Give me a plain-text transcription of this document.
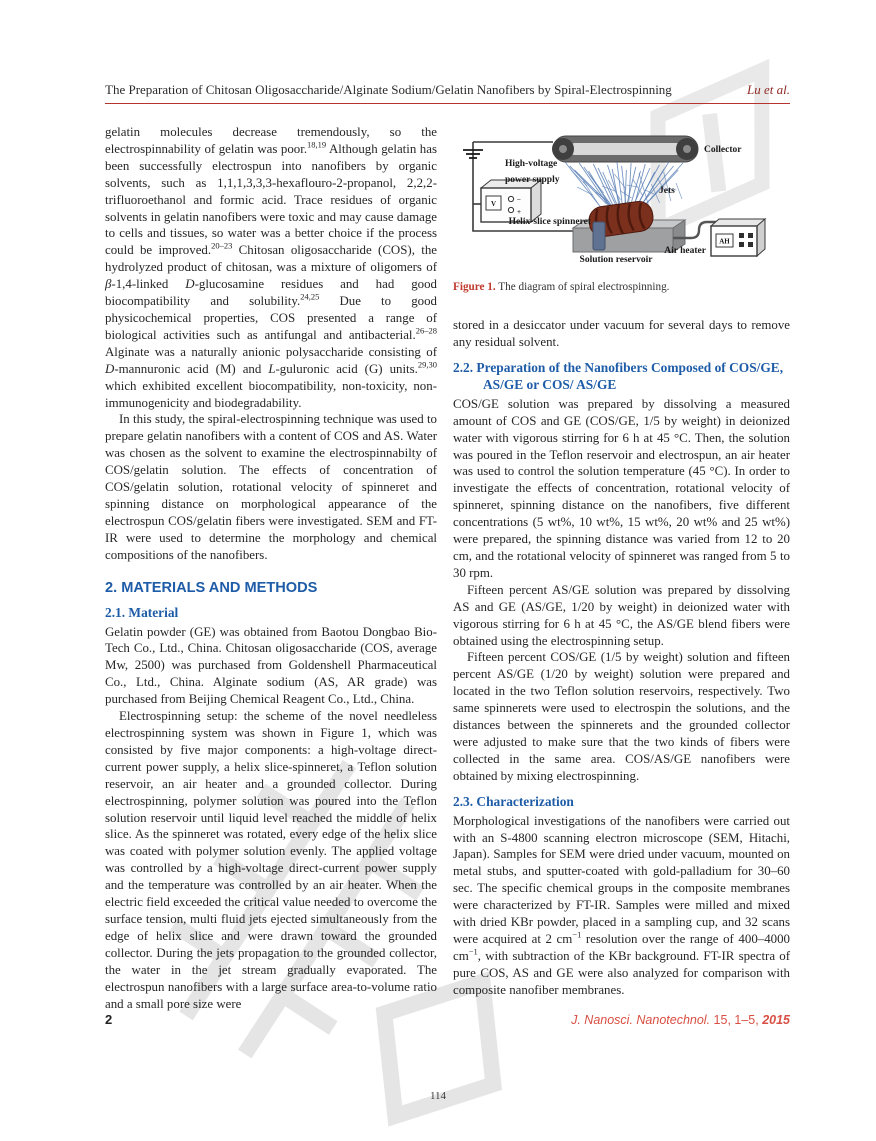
The Preparation of Chitosan Oligosaccharide/Alginate Sodium/Gelatin Nanofibers by Spiral-Electrospinning	Lu et al.

gelatin molecules decrease tremendously, so the electrospinnability of gelatin was poor.$^{18,19}$ Although gelatin has been successfully electrospun into nanofibers by organic solvents, such as 1,1,1,3,3,3-hexaflouro-2-propanol, 2,2,2-trifluoroethanol and formic acid. Trace residues of organic solvents in gelatin nanofibers were toxic and may cause damage to cells and tissues, so water was a better choice if the process could be improved.$^{20-23}$ Chitosan oligosaccharide (COS), the hydrolyzed product of chitosan, was a mixture of oligomers of β-1,4-linked D-glucosamine residues and had good biocompatibility and solubility.$^{24,25}$ Due to good physicochemical properties, COS presented a range of biological activities such as antifungal and antibacterial.$^{26-28}$ Alginate was a naturally anionic polysaccharide consisting of D-mannuronic acid (M) and L-guluronic acid (G) units.$^{29,30}$ which exhibited excellent biocompatibility, non-toxicity, non-immunogenicity and biodegradability.

In this study, the spiral-electrospinning technique was used to prepare gelatin nanofibers with a content of COS and AS. Water was chosen as the solvent to examine the electrospinnabilty of COS/gelatin solution. The effects of concentration of COS/gelatin solution, rotational velocity of spinneret and spinning distance on morphological appearance of the electrospun COS/gelatin fibers were investigated. SEM and FT-IR were used to determine the morphology and chemical compositions of the nanofibers.

2. MATERIALS AND METHODS
2.1. Material

Gelatin powder (GE) was obtained from Baotou Dongbao Bio-Tech Co., Ltd., China. Chitosan oligosaccharide (COS, average Mw, 2500) was purchased from Goldenshell Pharmaceutical Co., Ltd., China. Alginate sodium (AS, AR grade) was purchased from Beijing Chemical Reagent Co., Ltd., China.

Electrospinning setup: the scheme of the novel needleless electrospinning system was shown in Figure 1, which was consisted by five major components: a high-voltage direct-current power supply, a helix slice-spinneret, a Teflon solution reservoir, an air heater and a grounded collector. During electrospinning, polymer solution was poured into the Teflon solution reservoir until liquid level reached the middle of helix slice. As the spinneret was rotated, every edge of the helix slice was coated with polymer solution evenly. The applied voltage was controlled by a high-voltage direct-current power supply and the temperature was controlled by an air heater. When the electric field exceeded the critical value needed to overcome the surface tension, multi fluid jets ejected simultaneously from the edge of helix slice and were drawn toward the grounded collector. During the jets propagation to the grounded collector, the water in the jet stream gradually evaporated. The electrospun nanofibers with a large surface area-to-volume ratio and a small pore size were

V	−
+
AH
Collector
High-voltage
power supply
Jets
Helix-slice spinneret
Solution reservoir
Air heater
Figure 1. The diagram of spiral electrospinning.

stored in a desiccator under vacuum for several days to remove any residual solvent.

2.2. Preparation of the Nanofibers Composed of COS/GE, AS/GE or COS/ AS/GE

COS/GE solution was prepared by dissolving a measured amount of COS and GE (COS/GE, 1/5 by weight) in deionized water with vigorous stirring for 6 h at 45 °C. Then, the solution was poured in the Teflon reservoir and electrospun, an air heater was used to control the solution temperature (45 °C). In order to investigate the effects of concentration, rotational velocity of spinneret, spinning distance on the nanofibers, five different concentrations (5 wt%, 10 wt%, 15 wt%, 20 wt% and 25 wt%) were prepared, the spinning distance was varied from 12 to 20 cm, and the rotational velocity of spinneret was ranged from 5 to 30 rpm.

Fifteen percent AS/GE solution was prepared by dissolving AS and GE (AS/GE, 1/20 by weight) in deionized water with vigorous stirring for 6 h at 45 °C, the AS/GE blend fibers were obtained using the electrospinning setup.

Fifteen percent COS/GE (1/5 by weight) solution and fifteen percent AS/GE (1/20 by weight) solution were prepared and located in the two Teflon solution reservoirs, respectively. Two same spinnerets were used to electrospin the solutions, and the distances between the spinnerets and the grounded collector were adjusted to make sure that the two kinds of fibers were collected in the same area. COS/AS/GE nanofibers were obtained by mixing electrospinning.

2.3. Characterization

Morphological investigations of the nanofibers were carried out with an S-4800 scanning electron microscope (SEM, Hitachi, Japan). Samples for SEM were dried under vacuum, mounted on metal stubs, and sputter-coated with gold-palladium for 30–60 sec. The specific chemical groups in the composite membranes were characterized by FT-IR. Samples were milled and mixed with dried KBr powder, placed in a sampling cup, and 32 scans were acquired at 2 $cm^{-1}$ resolution over the range of 400–4000 $cm^{-1}$, with subtraction of the KBr background. FT-IR spectra of pure COS, AS and GE were also analyzed for comparison with composite nanofiber membranes.

2	J. Nanosci. Nanotechnol. 15, 1–5, 2015
114
